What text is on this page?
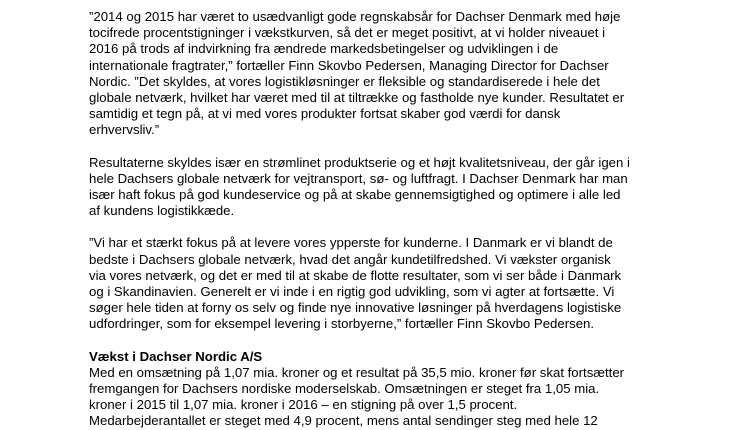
”2014 og 2015 har været to usædvanligt gode regnskabsår for Dachser Denmark med høje
tocifrede procentstigninger i vækstkurven, så det er meget positivt, at vi holder niveauet i
2016 på trods af indvirkning fra ændrede markedsbetingelser og udviklingen i de
internationale fragtrater,” fortæller Finn Skovbo Pedersen, Managing Director for Dachser
Nordic. ”Det skyldes, at vores logistikløsninger er fleksible og standardiserede i hele det
globale netværk, hvilket har været med til at tiltrække og fastholde nye kunder. Resultatet er
samtidig et tegn på, at vi med vores produkter fortsat skaber god værdi for dansk
erhvervsliv.”

Resultaterne skyldes især en strømlinet produktserie og et højt kvalitetsniveau, der går igen i
hele Dachsers globale netværk for vejtransport, sø- og luftfragt. I Dachser Denmark har man
især haft fokus på god kundeservice og på at skabe gennemsigtighed og optimere i alle led
af kundens logistikkæde.

”Vi har et stærkt fokus på at levere vores ypperste for kunderne. I Danmark er vi blandt de
bedste i Dachsers globale netværk, hvad det angår kundetilfredshed. Vi vækster organisk
via vores netværk, og det er med til at skabe de flotte resultater, som vi ser både i Danmark
og i Skandinavien. Generelt er vi inde i en rigtig god udvikling, som vi agter at fortsætte. Vi
søger hele tiden at forny os selv og finde nye innovative løsninger på hverdagens logistiske
udfordringer, som for eksempel levering i storbyerne,” fortæller Finn Skovbo Pedersen.

Vækst i Dachser Nordic A/S

Med en omsætning på 1,07 mia. kroner og et resultat på 35,5 mio. kroner før skat fortsætter
fremgangen for Dachsers nordiske moderselskab. Omsætningen er steget fra 1,05 mia.
kroner i 2015 til 1,07 mia. kroner i 2016 – en stigning på over 1,5 procent.
Medarbejderantallet er steget med 4,9 procent, mens antal sendinger steg med hele 12
